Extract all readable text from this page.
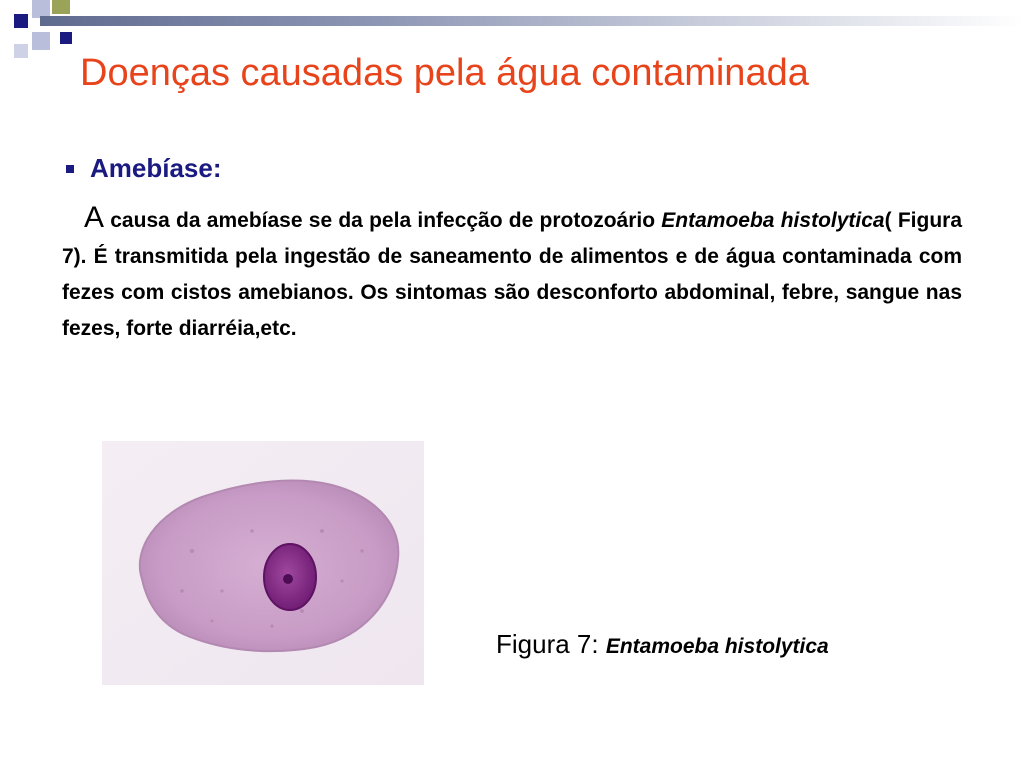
Doenças causadas pela água contaminada
Amebíase:

A causa da amebíase se da pela infecção de protozoário Entamoeba histolytica( Figura 7). É transmitida pela ingestão de saneamento de alimentos e de água contaminada com fezes com cistos amebianos. Os sintomas são desconforto abdominal, febre, sangue nas fezes, forte diarréia,etc.

Figura 7: Entamoeba histolytica
